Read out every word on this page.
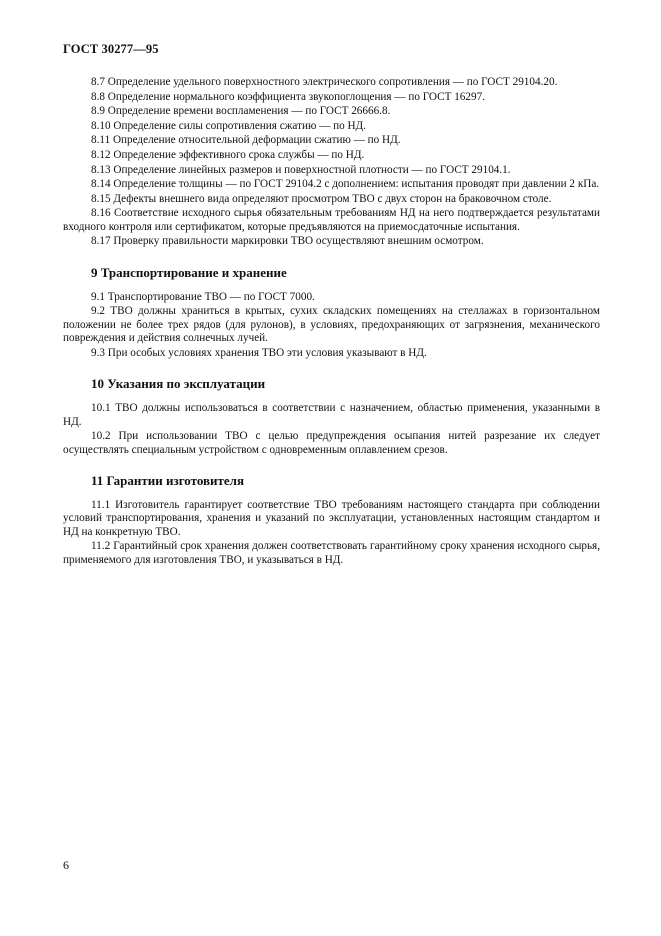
ГОСТ 30277—95

8.7 Определение удельного поверхностного электрического сопротивления — по ГОСТ 29104.20.

8.8 Определение нормального коэффициента звукопоглощения — по ГОСТ 16297.

8.9 Определение времени воспламенения — по ГОСТ 26666.8.

8.10 Определение силы сопротивления сжатию — по НД.

8.11 Определение относительной деформации сжатию — по НД.

8.12 Определение эффективного срока службы — по НД.

8.13 Определение линейных размеров и поверхностной плотности — по ГОСТ 29104.1.

8.14 Определение толщины — по ГОСТ 29104.2 с дополнением: испытания проводят при давлении 2 кПа.

8.15 Дефекты внешнего вида определяют просмотром ТВО с двух сторон на браковочном столе.

8.16 Соответствие исходного сырья обязательным требованиям НД на него подтверждается результатами входного контроля или сертификатом, которые предъявляются на приемосдаточные испытания.

8.17 Проверку правильности маркировки ТВО осуществляют внешним осмотром.

9 Транспортирование и хранение

9.1 Транспортирование ТВО — по ГОСТ 7000.

9.2 ТВО должны храниться в крытых, сухих складских помещениях на стеллажах в горизонтальном положении не более трех рядов (для рулонов), в условиях, предохраняющих от загрязнения, механического повреждения и действия солнечных лучей.

9.3 При особых условиях хранения ТВО эти условия указывают в НД.

10 Указания по эксплуатации

10.1 ТВО должны использоваться в соответствии с назначением, областью применения, указанными в НД.

10.2 При использовании ТВО с целью предупреждения осыпания нитей разрезание их следует осуществлять специальным устройством с одновременным оплавлением срезов.

11 Гарантии изготовителя

11.1 Изготовитель гарантирует соответствие ТВО требованиям настоящего стандарта при соблюдении условий транспортирования, хранения и указаний по эксплуатации, установленных настоящим стандартом и НД на конкретную ТВО.

11.2 Гарантийный срок хранения должен соответствовать гарантийному сроку хранения исходного сырья, применяемого для изготовления ТВО, и указываться в НД.

6
